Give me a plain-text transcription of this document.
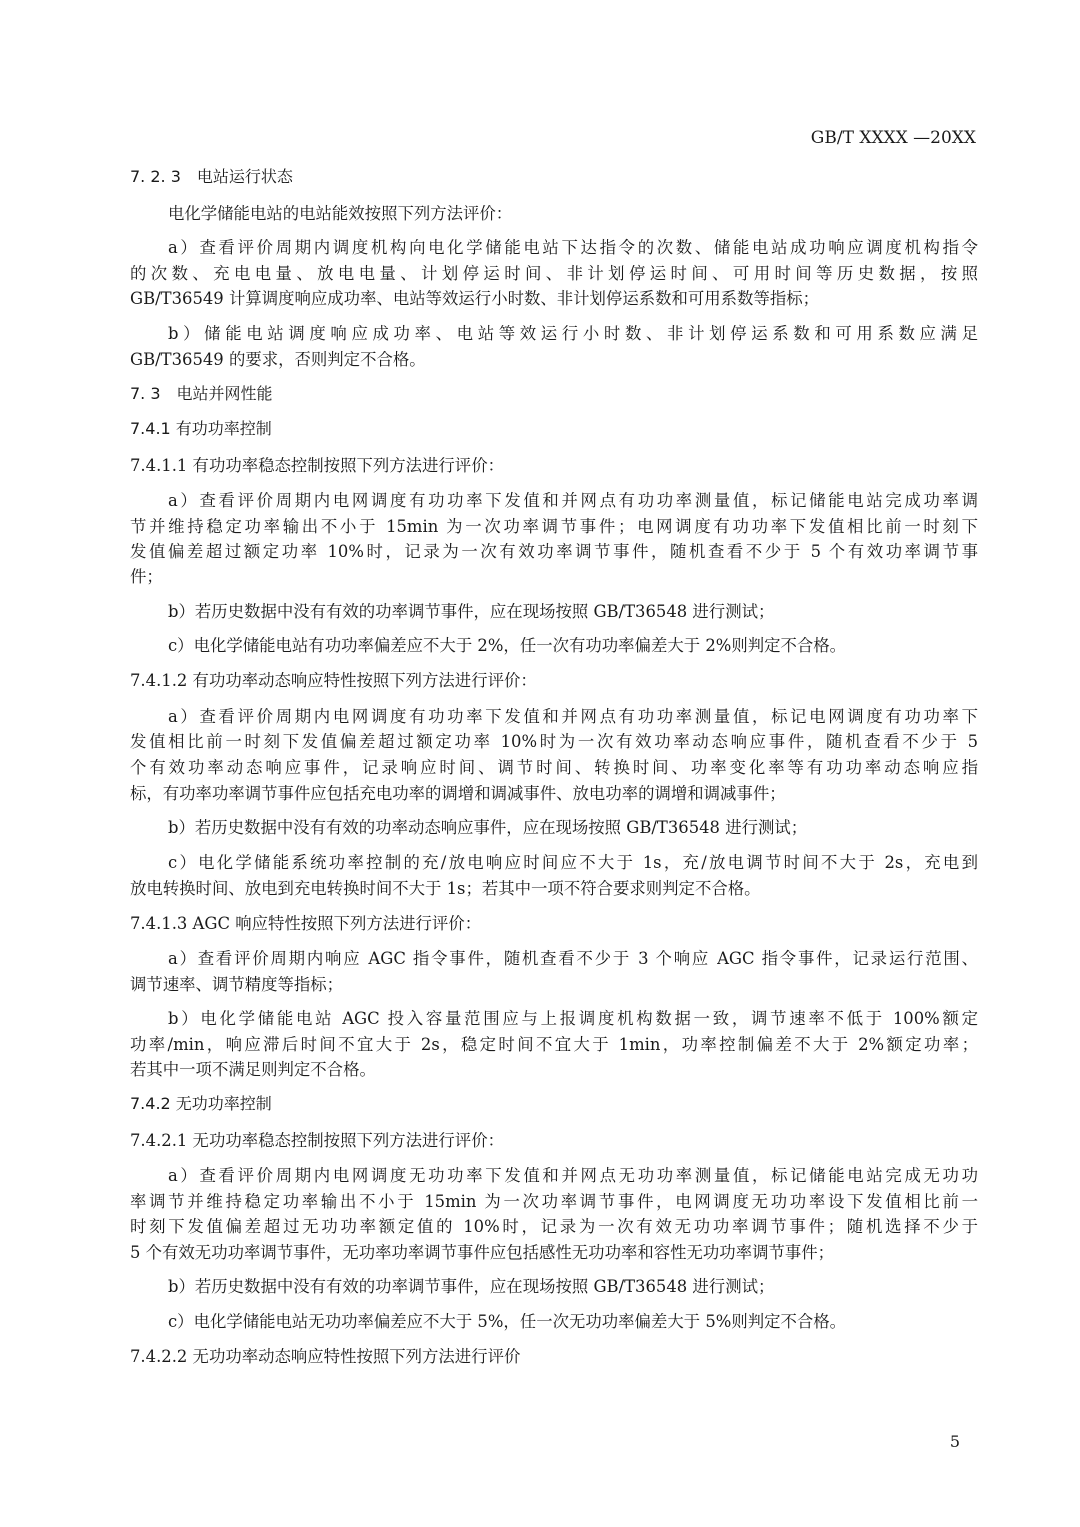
GB/T XXXX —20XX
7. 2. 3　电站运行状态
电化学储能电站的电站能效按照下列方法评价：
a）查看评价周期内调度机构向电化学储能电站下达指令的次数、储能电站成功响应调度机构指令
的次数、充电电量、放电电量、计划停运时间、非计划停运时间、可用时间等历史数据，按照
GB/T36549 计算调度响应成功率、电站等效运行小时数、非计划停运系数和可用系数等指标；
b）储能电站调度响应成功率、电站等效运行小时数、非计划停运系数和可用系数应满足
GB/T36549 的要求，否则判定不合格。
7. 3　电站并网性能
7.4.1 有功功率控制
7.4.1.1 有功功率稳态控制按照下列方法进行评价：
a）查看评价周期内电网调度有功功率下发值和并网点有功功率测量值，标记储能电站完成功率调
节并维持稳定功率输出不小于 15min 为一次功率调节事件；电网调度有功功率下发值相比前一时刻下
发值偏差超过额定功率 10%时，记录为一次有效功率调节事件，随机查看不少于 5 个有效功率调节事
件；
b）若历史数据中没有有效的功率调节事件，应在现场按照 GB/T36548 进行测试；
c）电化学储能电站有功功率偏差应不大于 2%，任一次有功功率偏差大于 2%则判定不合格。
7.4.1.2 有功功率动态响应特性按照下列方法进行评价：
a）查看评价周期内电网调度有功功率下发值和并网点有功功率测量值，标记电网调度有功功率下
发值相比前一时刻下发值偏差超过额定功率 10%时为一次有效功率动态响应事件，随机查看不少于 5
个有效功率动态响应事件，记录响应时间、调节时间、转换时间、功率变化率等有功功率动态响应指
标，有功率功率调节事件应包括充电功率的调增和调减事件、放电功率的调增和调减事件；
b）若历史数据中没有有效的功率动态响应事件，应在现场按照 GB/T36548 进行测试；
c）电化学储能系统功率控制的充/放电响应时间应不大于 1s，充/放电调节时间不大于 2s，充电到
放电转换时间、放电到充电转换时间不大于 1s；若其中一项不符合要求则判定不合格。
7.4.1.3 AGC 响应特性按照下列方法进行评价：
a）查看评价周期内响应 AGC 指令事件，随机查看不少于 3 个响应 AGC 指令事件，记录运行范围、
调节速率、调节精度等指标；
b）电化学储能电站 AGC 投入容量范围应与上报调度机构数据一致，调节速率不低于 100%额定
功率/min，响应滞后时间不宜大于 2s，稳定时间不宜大于 1min，功率控制偏差不大于 2%额定功率；
若其中一项不满足则判定不合格。
7.4.2 无功功率控制
7.4.2.1 无功功率稳态控制按照下列方法进行评价：
a）查看评价周期内电网调度无功功率下发值和并网点无功功率测量值，标记储能电站完成无功功
率调节并维持稳定功率输出不小于 15min 为一次功率调节事件，电网调度无功功率设下发值相比前一
时刻下发值偏差超过无功功率额定值的 10%时，记录为一次有效无功功率调节事件；随机选择不少于
5 个有效无功功率调节事件，无功率功率调节事件应包括感性无功功率和容性无功功率调节事件；
b）若历史数据中没有有效的功率调节事件，应在现场按照 GB/T36548 进行测试；
c）电化学储能电站无功功率偏差应不大于 5%，任一次无功功率偏差大于 5%则判定不合格。
7.4.2.2 无功功率动态响应特性按照下列方法进行评价
5
